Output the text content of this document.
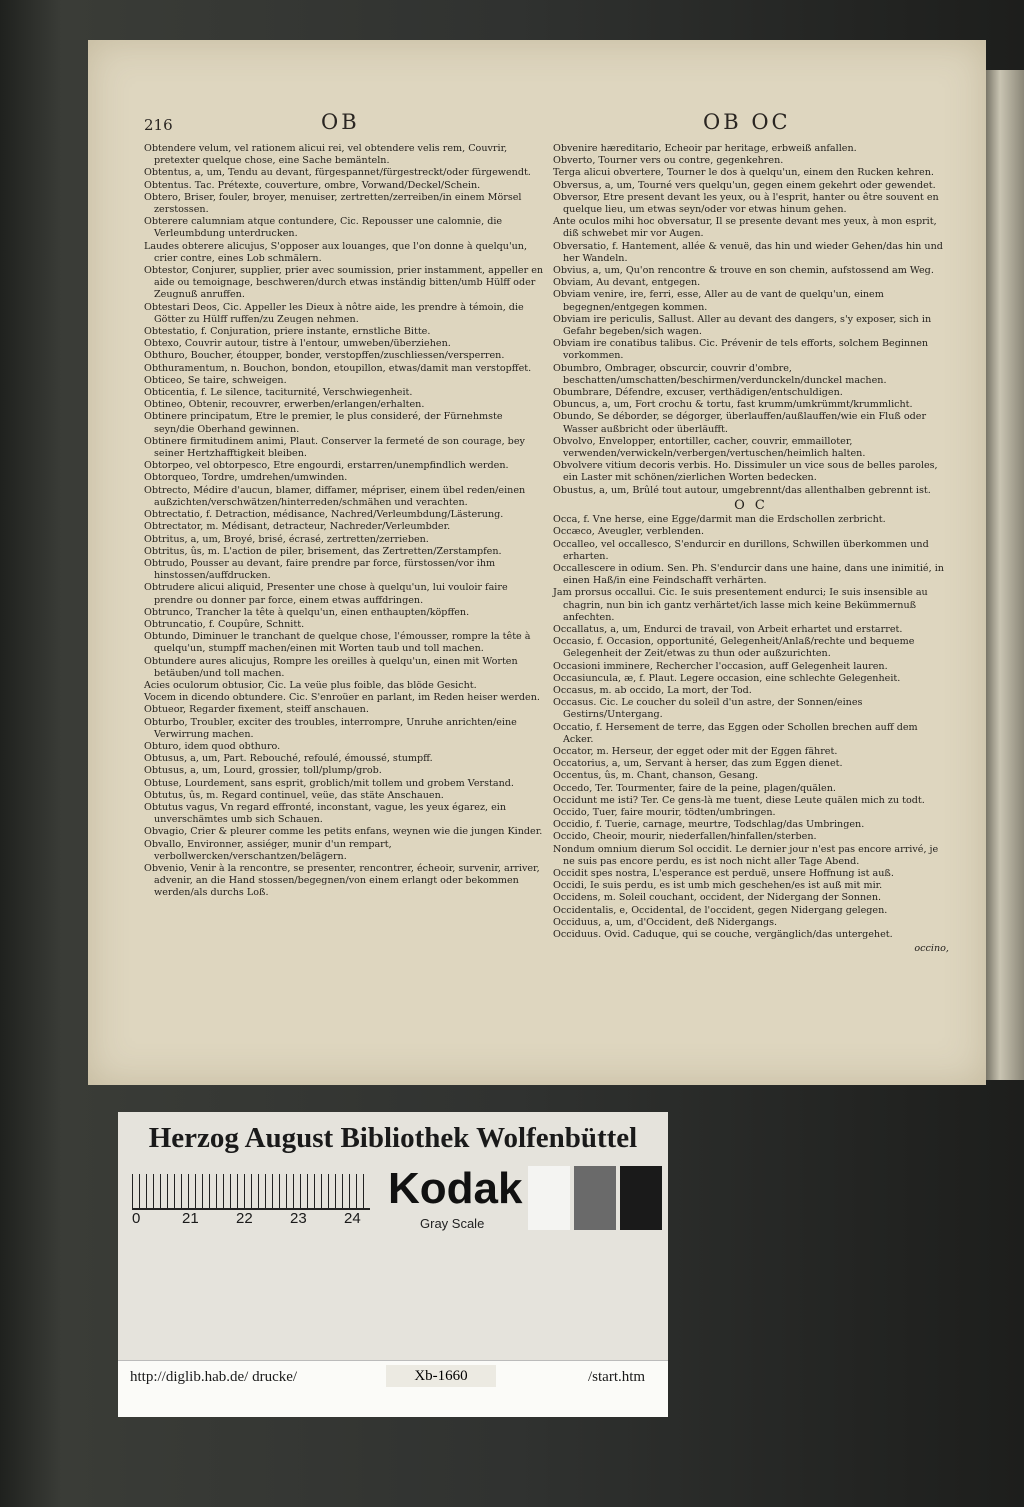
216	OB	OB OC

Obtendere velum, vel rationem alicui rei, vel obtendere velis rem, Couvrir, pretexter quelque chose, eine Sache bemänteln.

Obtentus, a, um, Tendu au devant, fürgespannet/fürgestreckt/oder fürgewendt.

Obtentus. Tac. Prétexte, couverture, ombre, Vorwand/Deckel/Schein.

Obtero, Briser, fouler, broyer, menuiser, zertretten/zerreiben/in einem Mörsel zerstossen.

Obterere calumniam atque contundere, Cic. Repousser une calomnie, die Verleumbdung unterdrucken.

Laudes obterere alicujus, S'opposer aux louanges, que l'on donne à quelqu'un, crier contre, eines Lob schmälern.

Obtestor, Conjurer, supplier, prier avec soumission, prier instamment, appeller en aide ou temoignage, beschweren/durch etwas inständig bitten/umb Hülff oder Zeugnuß anruffen.

Obtestari Deos, Cic. Appeller les Dieux à nôtre aide, les prendre à témoin, die Götter zu Hülff ruffen/zu Zeugen nehmen.

Obtestatio, f. Conjuration, priere instante, ernstliche Bitte.

Obtexo, Couvrir autour, tistre à l'entour, umweben/überziehen.

Obthuro, Boucher, étoupper, bonder, verstopffen/zuschliessen/versperren.

Obthuramentum, n. Bouchon, bondon, etoupillon, etwas/damit man verstopffet.

Obticeo, Se taire, schweigen.

Obticentia, f. Le silence, taciturnité, Verschwiegenheit.

Obtineo, Obtenir, recouvrer, erwerben/erlangen/erhalten.

Obtinere principatum, Etre le premier, le plus consideré, der Fürnehmste seyn/die Oberhand gewinnen.

Obtinere firmitudinem animi, Plaut. Conserver la fermeté de son courage, bey seiner Hertzhafftigkeit bleiben.

Obtorpeo, vel obtorpesco, Etre engourdi, erstarren/unempfindlich werden.

Obtorqueo, Tordre, umdrehen/umwinden.

Obtrecto, Médire d'aucun, blamer, diffamer, mépriser, einem übel reden/einen außzichten/verschwätzen/hinterreden/schmähen und verachten.

Obtrectatio, f. Detraction, médisance, Nachred/Verleumbdung/Lästerung.

Obtrectator, m. Médisant, detracteur, Nachreder/Verleumbder.

Obtritus, a, um, Broyé, brisé, écrasé, zertretten/zerrieben.

Obtritus, ûs, m. L'action de piler, brisement, das Zertretten/Zerstampfen.

Obtrudo, Pousser au devant, faire prendre par force, fürstossen/vor ihm hinstossen/auffdrucken.

Obtrudere alicui aliquid, Presenter une chose à quelqu'un, lui vouloir faire prendre ou donner par force, einem etwas auffdringen.

Obtrunco, Trancher la tête à quelqu'un, einen enthaupten/köpffen.

Obtruncatio, f. Coupûre, Schnitt.

Obtundo, Diminuer le tranchant de quelque chose, l'émousser, rompre la tête à quelqu'un, stumpff machen/einen mit Worten taub und toll machen.

Obtundere aures alicujus, Rompre les oreilles à quelqu'un, einen mit Worten betäuben/und toll machen.

Acies oculorum obtusior, Cic. La veüe plus foible, das blöde Gesicht.

Vocem in dicendo obtundere. Cic. S'enroüer en parlant, im Reden heiser werden.

Obtueor, Regarder fixement, steiff anschauen.

Obturbo, Troubler, exciter des troubles, interrompre, Unruhe anrichten/eine Verwirrung machen.

Obturo, idem quod obthuro.

Obtusus, a, um, Part. Rebouché, refoulé, émoussé, stumpff.

Obtusus, a, um, Lourd, grossier, toll/plump/grob.

Obtuse, Lourdement, sans esprit, groblich/mit tollem und grobem Verstand.

Obtutus, ûs, m. Regard continuel, veüe, das stäte Anschauen.

Obtutus vagus, Vn regard effronté, inconstant, vague, les yeux égarez, ein unverschämtes umb sich Schauen.

Obvagio, Crier & pleurer comme les petits enfans, weynen wie die jungen Kinder.

Obvallo, Environner, assiéger, munir d'un rempart, verbollwercken/verschantzen/belägern.

Obvenio, Venir à la rencontre, se presenter, rencontrer, écheoir, survenir, arriver, advenir, an die Hand stossen/begegnen/von einem erlangt oder bekommen werden/als durchs Loß.

Obvenire hæreditario, Echeoir par heritage, erbweiß anfallen.

Obverto, Tourner vers ou contre, gegenkehren.

Terga alicui obvertere, Tourner le dos à quelqu'un, einem den Rucken kehren.

Obversus, a, um, Tourné vers quelqu'un, gegen einem gekehrt oder gewendet.

Obversor, Etre present devant les yeux, ou à l'esprit, hanter ou être souvent en quelque lieu, um etwas seyn/oder vor etwas hinum gehen.

Ante oculos mihi hoc obversatur, Il se presente devant mes yeux, à mon esprit, diß schwebet mir vor Augen.

Obversatio, f. Hantement, allée & venuë, das hin und wieder Gehen/das hin und her Wandeln.

Obvius, a, um, Qu'on rencontre & trouve en son chemin, aufstossend am Weg.

Obviam, Au devant, entgegen.

Obviam venire, ire, ferri, esse, Aller au de vant de quelqu'un, einem begegnen/entgegen kommen.

Obviam ire periculis, Sallust. Aller au devant des dangers, s'y exposer, sich in Gefahr begeben/sich wagen.

Obviam ire conatibus talibus. Cic. Prévenir de tels efforts, solchem Beginnen vorkommen.

Obumbro, Ombrager, obscurcir, couvrir d'ombre, beschatten/umschatten/beschirmen/verdunckeln/dunckel machen.

Obumbrare, Défendre, excuser, verthädigen/entschuldigen.

Obuncus, a, um, Fort crochu & tortu, fast krumm/umkrümmt/krummlicht.

Obundo, Se déborder, se dégorger, überlauffen/außlauffen/wie ein Fluß oder Wasser außbricht oder überläufft.

Obvolvo, Envelopper, entortiller, cacher, couvrir, emmailloter, verwenden/verwickeln/verbergen/vertuschen/heimlich halten.

Obvolvere vitium decoris verbis. Ho. Dissimuler un vice sous de belles paroles, ein Laster mit schönen/zierlichen Worten bedecken.

Obustus, a, um, Brûlé tout autour, umgebrennt/das allenthalben gebrennt ist.

O C

Occa, f. Vne herse, eine Egge/darmit man die Erdschollen zerbricht.

Occæco, Aveugler, verblenden.

Occalleo, vel occallesco, S'endurcir en durillons, Schwillen überkommen und erharten.

Occallescere in odium. Sen. Ph. S'endurcir dans une haine, dans une inimitié, in einen Haß/in eine Feindschafft verhärten.

Jam prorsus occallui. Cic. Ie suis presentement endurci; Ie suis insensible au chagrin, nun bin ich gantz verhärtet/ich lasse mich keine Bekümmernuß anfechten.

Occallatus, a, um, Endurci de travail, von Arbeit erhartet und erstarret.

Occasio, f. Occasion, opportunité, Gelegenheit/Anlaß/rechte und bequeme Gelegenheit der Zeit/etwas zu thun oder außzurichten.

Occasioni imminere, Rechercher l'occasion, auff Gelegenheit lauren.

Occasiuncula, æ, f. Plaut. Legere occasion, eine schlechte Gelegenheit.

Occasus, m. ab occido, La mort, der Tod.

Occasus. Cic. Le coucher du soleil d'un astre, der Sonnen/eines Gestirns/Untergang.

Occatio, f. Hersement de terre, das Eggen oder Schollen brechen auff dem Acker.

Occator, m. Herseur, der egget oder mit der Eggen fähret.

Occatorius, a, um, Servant à herser, das zum Eggen dienet.

Occentus, ûs, m. Chant, chanson, Gesang.

Occedo, Ter. Tourmenter, faire de la peine, plagen/quälen.

Occidunt me isti? Ter. Ce gens-là me tuent, diese Leute quälen mich zu todt.

Occido, Tuer, faire mourir, tödten/umbringen.

Occidio, f. Tuerie, carnage, meurtre, Todschlag/das Umbringen.

Occido, Cheoir, mourir, niederfallen/hinfallen/sterben.

Nondum omnium dierum Sol occidit. Le dernier jour n'est pas encore arrivé, je ne suis pas encore perdu, es ist noch nicht aller Tage Abend.

Occidit spes nostra, L'esperance est perduë, unsere Hoffnung ist auß.

Occidi, Ie suis perdu, es ist umb mich geschehen/es ist auß mit mir.

Occidens, m. Soleil couchant, occident, der Nidergang der Sonnen.

Occidentalis, e, Occidental, de l'occident, gegen Nidergang gelegen.

Occiduus, a, um, d'Occident, deß Nidergangs.

Occiduus. Ovid. Caduque, qui se couche, vergänglich/das untergehet.

occino,
Herzog August Bibliothek Wolfenbüttel
0	21 22 23 24
Kodak
Gray Scale
http://diglib.hab.de/ drucke/	Xb-1660	/start.htm
